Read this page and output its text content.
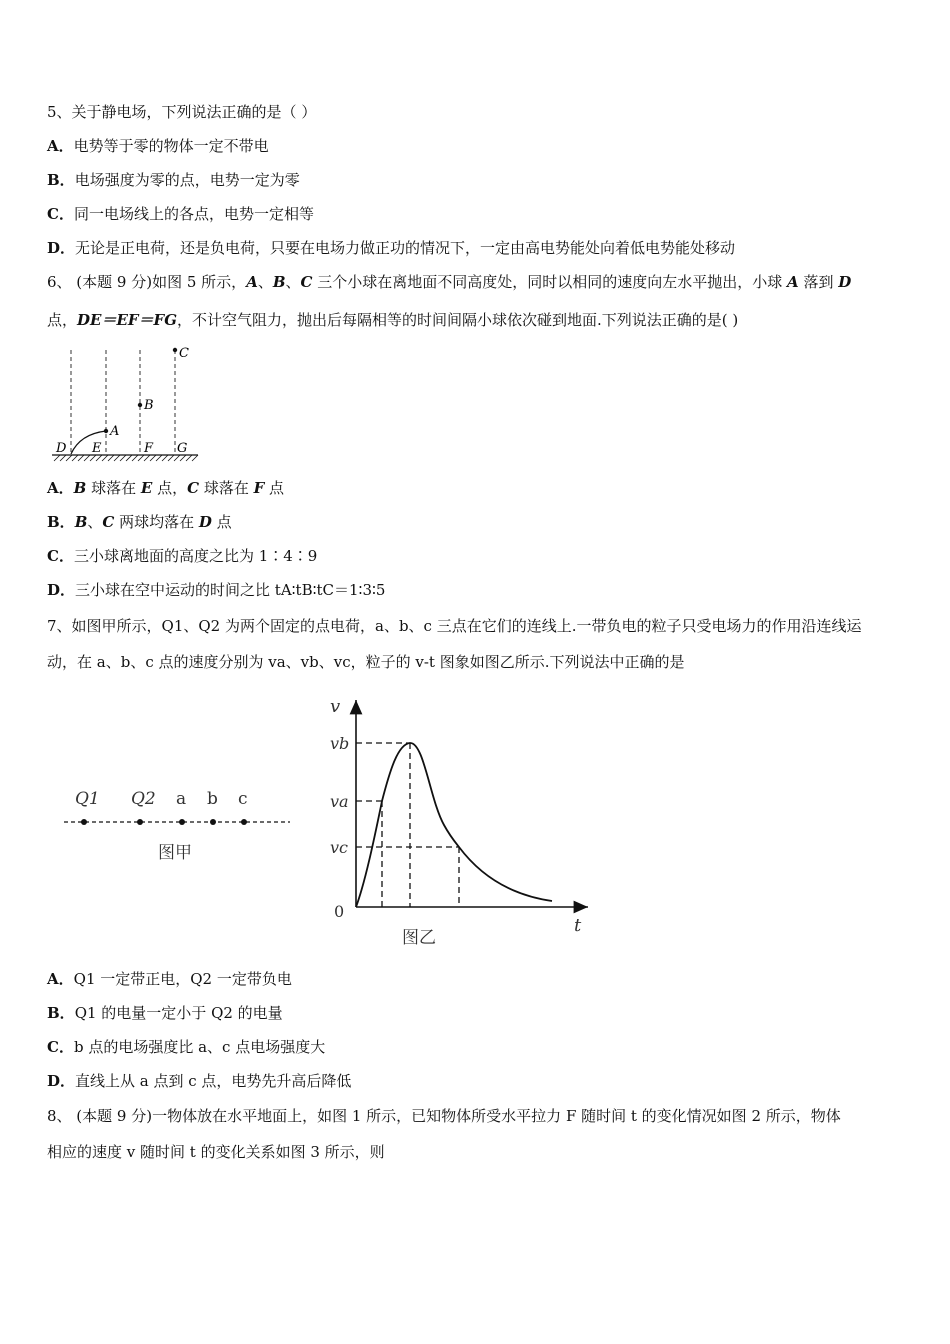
5、关于静电场，下列说法正确的是（ ）
A．电势等于零的物体一定不带电
B．电场强度为零的点，电势一定为零
C．同一电场线上的各点，电势一定相等
D．无论是正电荷，还是负电荷，只要在电场力做正功的情况下，一定由高电势能处向着低电势能处移动
6、 (本题 9 分)如图 5 所示，A、B、C 三个小球在离地面不同高度处，同时以相同的速度向左水平抛出，小球 A 落到 D
点，DE＝EF＝FG，不计空气阻力，抛出后每隔相等的时间间隔小球依次碰到地面.下列说法正确的是( )
D E	F G
A
B
C
A．B 球落在 E 点，C 球落在 F 点
B．B、C 两球均落在 D 点
C．三小球离地面的高度之比为 1∶4∶9
D．三小球在空中运动的时间之比 tA∶tB∶tC＝1∶3∶5
7、如图甲所示，Q1、Q2 为两个固定的点电荷，a、b、c 三点在它们的连线上.一带负电的粒子只受电场力的作用沿连线运
动，在 a、b、c 点的速度分别为 va、vb、vc，粒子的 v-t 图象如图乙所示.下列说法中正确的是
Q1 Q2 a b c
图甲
v
t
0
vb
va
vc
图乙
A．Q1 一定带正电，Q2 一定带负电
B．Q1 的电量一定小于 Q2 的电量
C．b 点的电场强度比 a、c 点电场强度大
D．直线上从 a 点到 c 点，电势先升高后降低
8、 (本题 9 分)一物体放在水平地面上，如图 1 所示，已知物体所受水平拉力 F 随时间 t 的变化情况如图 2 所示，物体
相应的速度 v 随时间 t 的变化关系如图 3 所示，则
